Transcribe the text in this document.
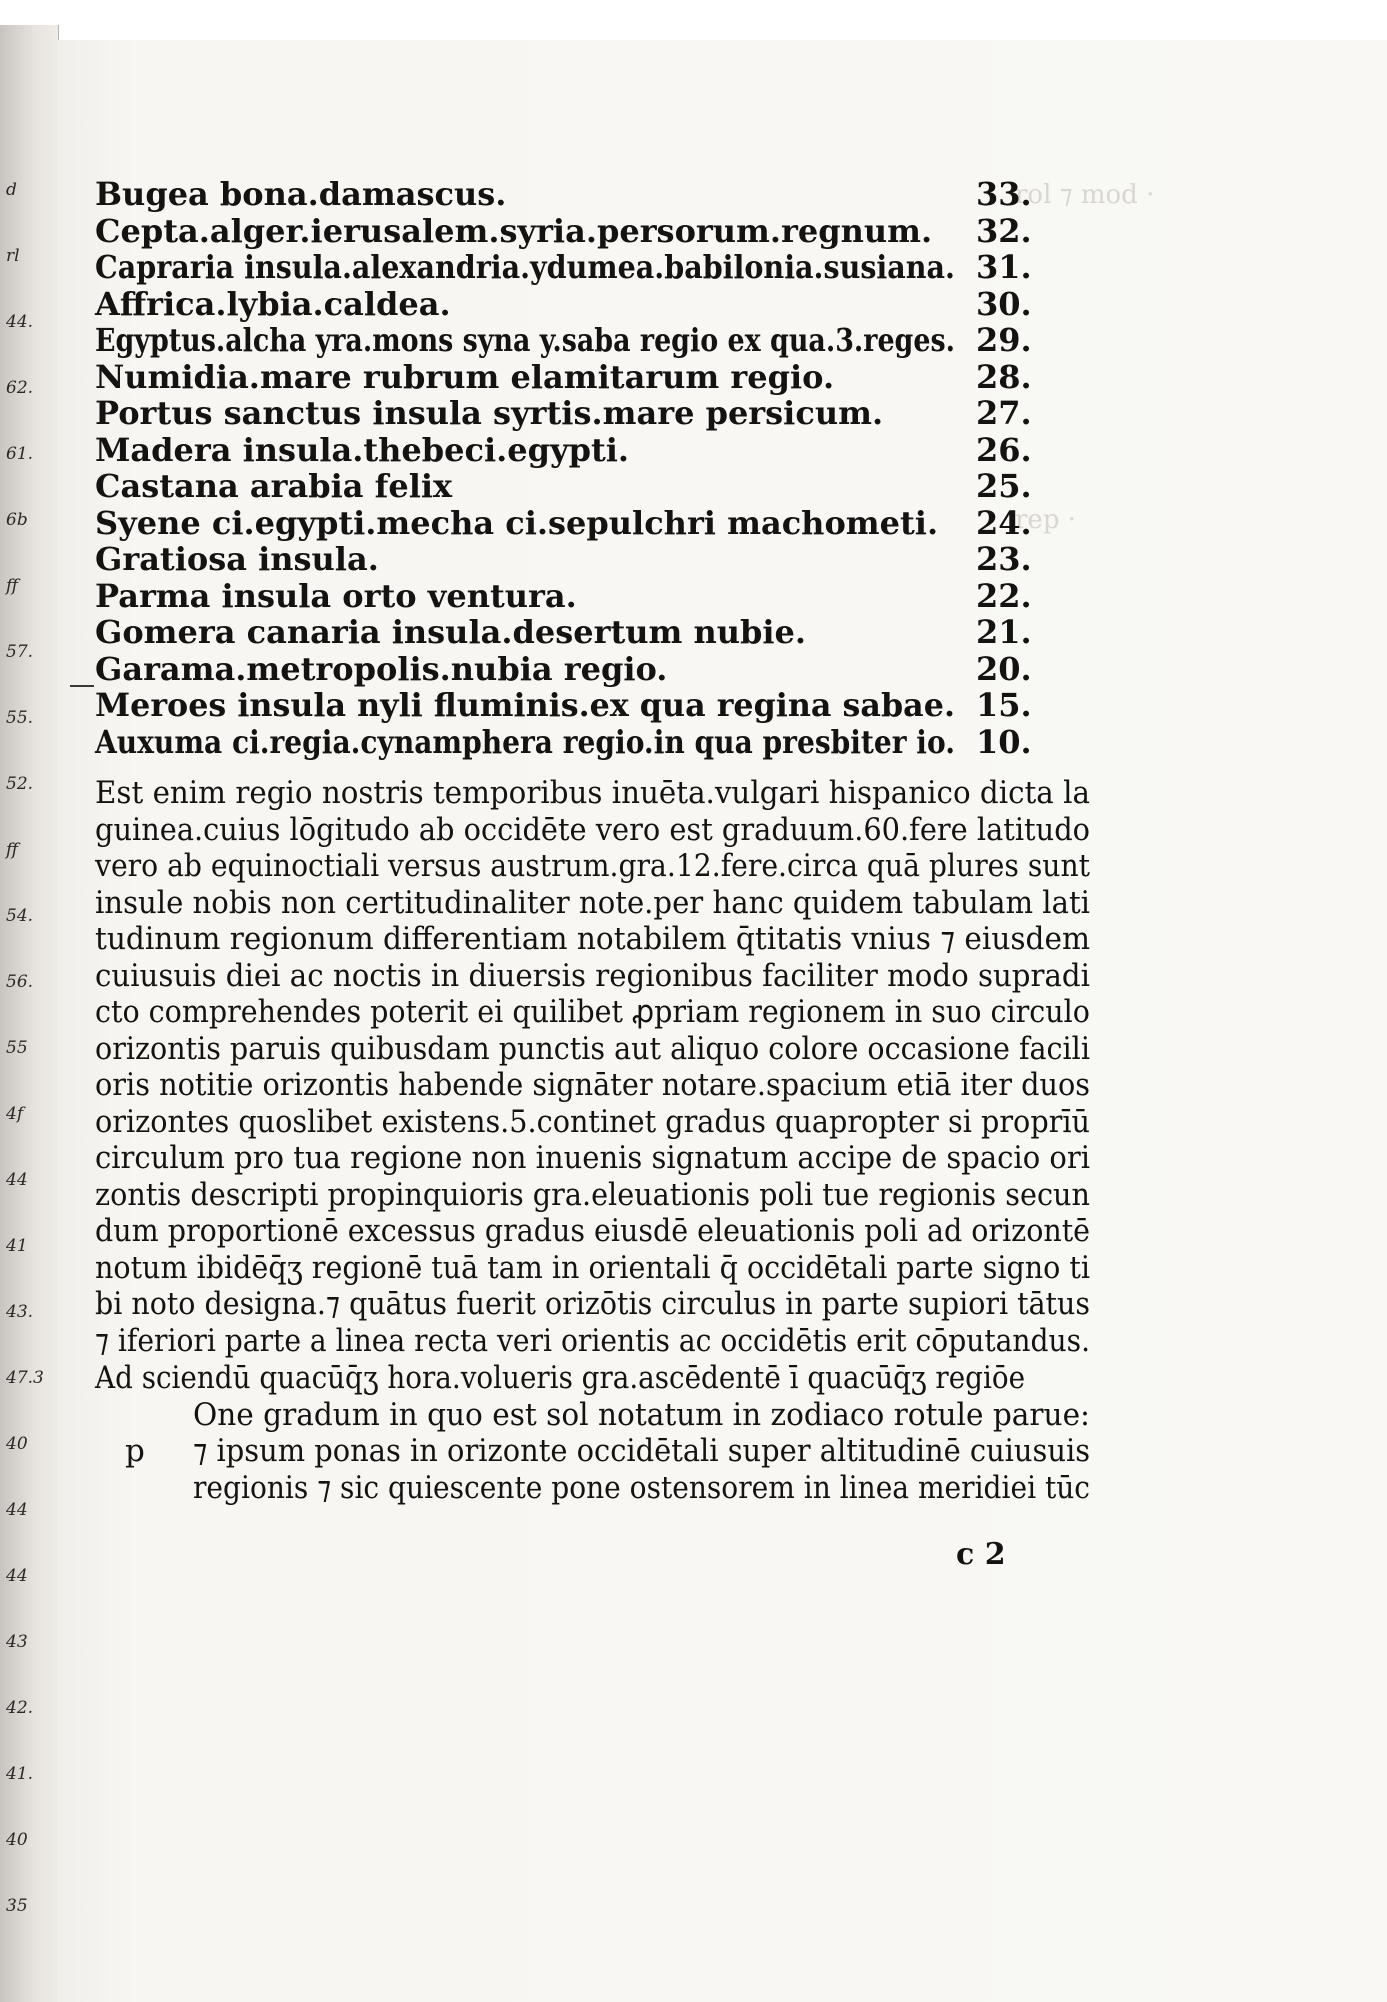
d
rl
44.
62.
61.
6b
ff
57.
55.
52.
ff
54.
56.
55
4f
44
41
43.
47.3
40
44
44
43
42.
41.
40
35
rol ⁊ mod ·
rep ·
Bugea bona.damascus.	33.
Cepta.alger.ierusalem.syria.persorum.regnum. 32.
Capraria insula.alexandria.ydumea.babilonia.susiana. 31.
Affrica.lybia.caldea.	30.
Egyptus.alcha yra.mons syna y.saba regio ex qua.3.reges. 29.
Numidia.mare rubrum elamitarum regio.	28.
Portus sanctus insula syrtis.mare persicum.	27.
Madera insula.thebeci.egypti.	26.
Castana arabia felix	25.
Syene ci.egypti.mecha ci.sepulchri machometi. 24.
Gratiosa insula.	23.
Parma insula orto ventura.	22.
Gomera canaria insula.desertum nubie.	21.
Garama.metropolis.nubia regio.	20.
Meroes insula nyli fluminis.ex qua regina sabae. 15.
Auxuma ci.regia.cynamphera regio.in qua presbiter io. 10.
Est enim regio nostris temporibus inuēta.vulgari hispanico dicta la
guinea.cuius lōgitudo ab occidēte vero est graduum.60.fere latitudo
vero ab equinoctiali versus austrum.gra.12.fere.circa quā plures sunt
insule nobis non certitudinaliter note.per hanc quidem tabulam lati
tudinum regionum differentiam notabilem q̄titatis vnius ⁊ eiusdem
cuiusuis diei ac noctis in diuersis regionibus faciliter modo supradi
cto comprehendes poterit ei quilibet ꝓpriam regionem in suo circulo
orizontis paruis quibusdam punctis aut aliquo colore occasione facili
oris notitie orizontis habende signāter notare.spacium etiā iter duos
orizontes quoslibet existens.5.continet gradus quapropter si proprīū
circulum pro tua regione non inuenis signatum accipe de spacio ori
zontis descripti propinquioris gra.eleuationis poli tue regionis secun
dum proportionē excessus gradus eiusdē eleuationis poli ad orizontē
notum ibidēq̄ʒ regionē tuā tam in orientali q̄ occidētali parte signo ti
bi noto designa.⁊ quātus fuerit orizōtis circulus in parte supiori tātus
⁊ iferiori parte a linea recta veri orientis ac occidētis erit cōputandus.
Ad sciendū quacūq̄ʒ hora.volueris gra.ascēdentē ī quacūq̄ʒ regiōe
One gradum in quo est sol notatum in zodiaco rotule parue:
⁊ ipsum ponas in orizonte occidētali super altitudinē cuiusuis
regionis ⁊ sic quiescente pone ostensorem in linea meridiei tūc
p
c 2
